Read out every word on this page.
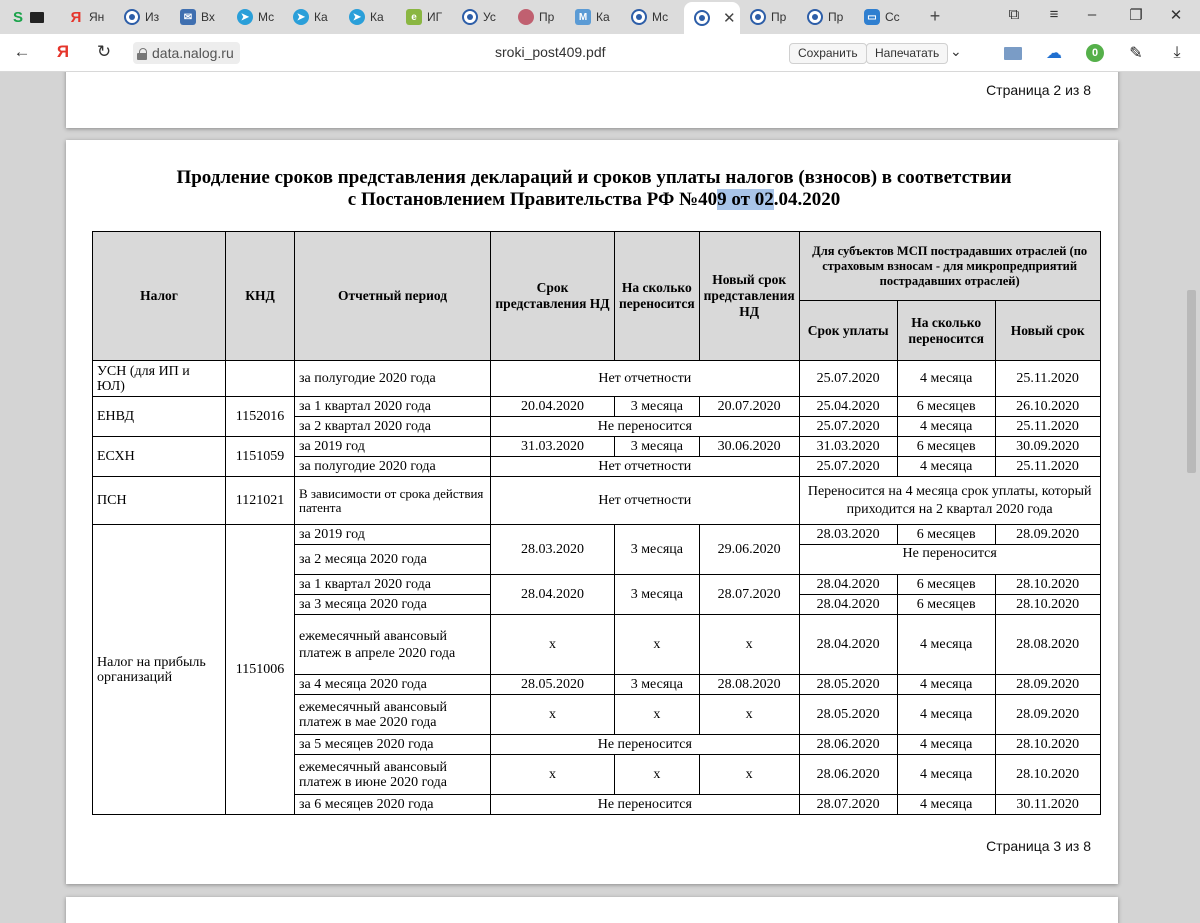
S	Я Ян	Из	✉ Вх	➤ Мс	➤ Ка	➤ Ка	e ИГ	Ус	Пр	M Ка	Мс	✕	Пр	Пр	▭ Сс	+	⧉	≡	–	❐	✕
← Я ↻	data.nalog.ru	sroki_post409.pdf	Сохранить	Напечатать ⌄	☁	0	✎	⤓
Страница 2 из 8
Продление сроков представления деклараций и сроков уплаты налогов (взносов) в соответствии
с Постановлением Правительства РФ №409 от 02.04.2020
Налог	КНД	Отчетный период	Срок представления НД	На сколько переносится	Новый срок представления НД	Для субъектов МСП пострадавших отраслей (по страховым взносам - для микропредприятий пострадавших отраслей)		
						Срок уплаты	На сколько переносится	Новый срок
УСН (для ИП и ЮЛ)		за полугодие 2020 года	Нет отчетности			25.07.2020	4 месяца	25.11.2020
ЕНВД	1152016	за 1 квартал 2020 года	20.04.2020	3 месяца	20.07.2020	25.04.2020	6 месяцев	26.10.2020
		за 2 квартал 2020 года	Не переносится			25.07.2020	4 месяца	25.11.2020
ЕСХН	1151059	за 2019 год	31.03.2020	3 месяца	30.06.2020	31.03.2020	6 месяцев	30.09.2020
		за полугодие 2020 года	Нет отчетности			25.07.2020	4 месяца	25.11.2020
ПСН	1121021	В зависимости от срока действия патента	Нет отчетности			Переносится на 4 месяца срок уплаты, который приходится на 2 квартал 2020 года		
Налог на прибыль организаций	1151006	за 2019 год	28.03.2020	3 месяца	29.06.2020	28.03.2020	6 месяцев	28.09.2020
		за 2 месяца 2020 года				Не переносится		
		за 1 квартал 2020 года	28.04.2020	3 месяца	28.07.2020	28.04.2020	6 месяцев	28.10.2020
		за 3 месяца 2020 года				28.04.2020	6 месяцев	28.10.2020
		ежемесячный авансовый платеж в апреле 2020 года	х	х	х	28.04.2020	4 месяца	28.08.2020
		за 4 месяца 2020 года	28.05.2020	3 месяца	28.08.2020	28.05.2020	4 месяца	28.09.2020
		ежемесячный авансовый платеж в мае 2020 года	х	х	х	28.05.2020	4 месяца	28.09.2020
		за 5 месяцев 2020 года	Не переносится			28.06.2020	4 месяца	28.10.2020
		ежемесячный авансовый платеж в июне 2020 года	х	х	х	28.06.2020	4 месяца	28.10.2020
		за 6 месяцев 2020 года	Не переносится			28.07.2020	4 месяца	30.11.2020
Страница 3 из 8
